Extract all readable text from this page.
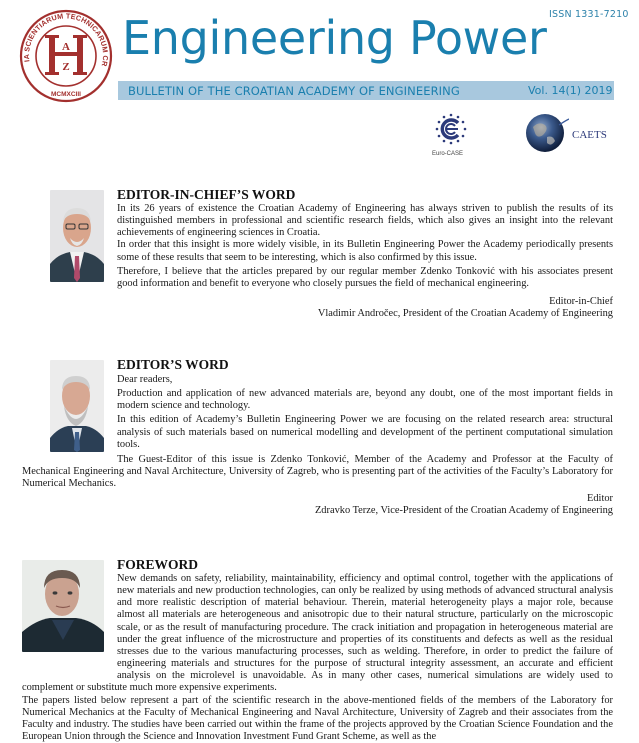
IA SCIENTIARUM TECHNICARUM CR
MCMXCIII
A
Z
ISSN 1331-7210
Engineering Power
BULLETIN OF THE CROATIAN ACADEMY OF ENGINEERING	Vol. 14(1) 2019
Euro-CASE
CAETS
EDITOR-IN-CHIEF’S WORD
In its 26 years of existence the Croatian Academy of Engineering has always striven to publish the results of its distinguished members in professional and scientific research fields, which also gives an insight into the relevant achievements of engineering sciences in Croatia.
In order that this insight is more widely visible, in its Bulletin Engineering Power the Academy periodically presents some of these results that seem to be interesting, which is also confirmed by this issue.
Therefore, I believe that the articles prepared by our regular member Zdenko Tonković with his associates present good information and benefit to everyone who closely pursues the field of mechanical engineering.
Editor-in-Chief
Vladimir Andročec, President of the Croatian Academy of Engineering
EDITOR’S WORD
Dear readers,
Production and application of new advanced materials are, beyond any doubt, one of the most important fields in modern science and technology.
In this edition of Academy’s Bulletin Engineering Power we are focusing on the related research area: structural analysis of such materials based on numerical modelling and development of the pertinent computational simulation tools.
The Guest-Editor of this issue is Zdenko Tonković, Member of the Academy and Professor at the Faculty of Mechanical Engineering and Naval Architecture, University of Zagreb, who is presenting part of the activities of the Faculty’s Laboratory for Numerical Mechanics.
Editor
Zdravko Terze, Vice-President of the Croatian Academy of Engineering
FOREWORD
New demands on safety, reliability, maintainability, efficiency and optimal control, together with the applications of new materials and new production technologies, can only be realized by using methods of advanced structural analysis and more realistic description of material behaviour. Therein, material heterogeneity plays a major role, because almost all materials are heterogeneous and anisotropic due to their natural structure, particularly on the microscopic scale, or as the result of manufacturing procedure. The crack initiation and propagation in heterogeneous material are under the great influence of the microstructure and properties of its constituents and defects as well as the residual stresses due to the various manufacturing processes, such as welding. Therefore, in order to predict the failure of engineering materials and structures for the purpose of structural integrity assessment, an accurate and efficient analysis on the microlevel is unavoidable. As in many other cases, numerical simulations are widely used to complement or substitute much more expensive experiments.
The papers listed below represent a part of the scientific research in the above-mentioned fields of the members of the Laboratory for Numerical Mechanics at the Faculty of Mechanical Engineering and Naval Architecture, University of Zagreb and their associates from the Faculty and industry. The studies have been carried out within the frame of the projects approved by the Croatian Science Foundation and the European Union through the Science and Innovation Investment Fund Grant Scheme, as well as the
